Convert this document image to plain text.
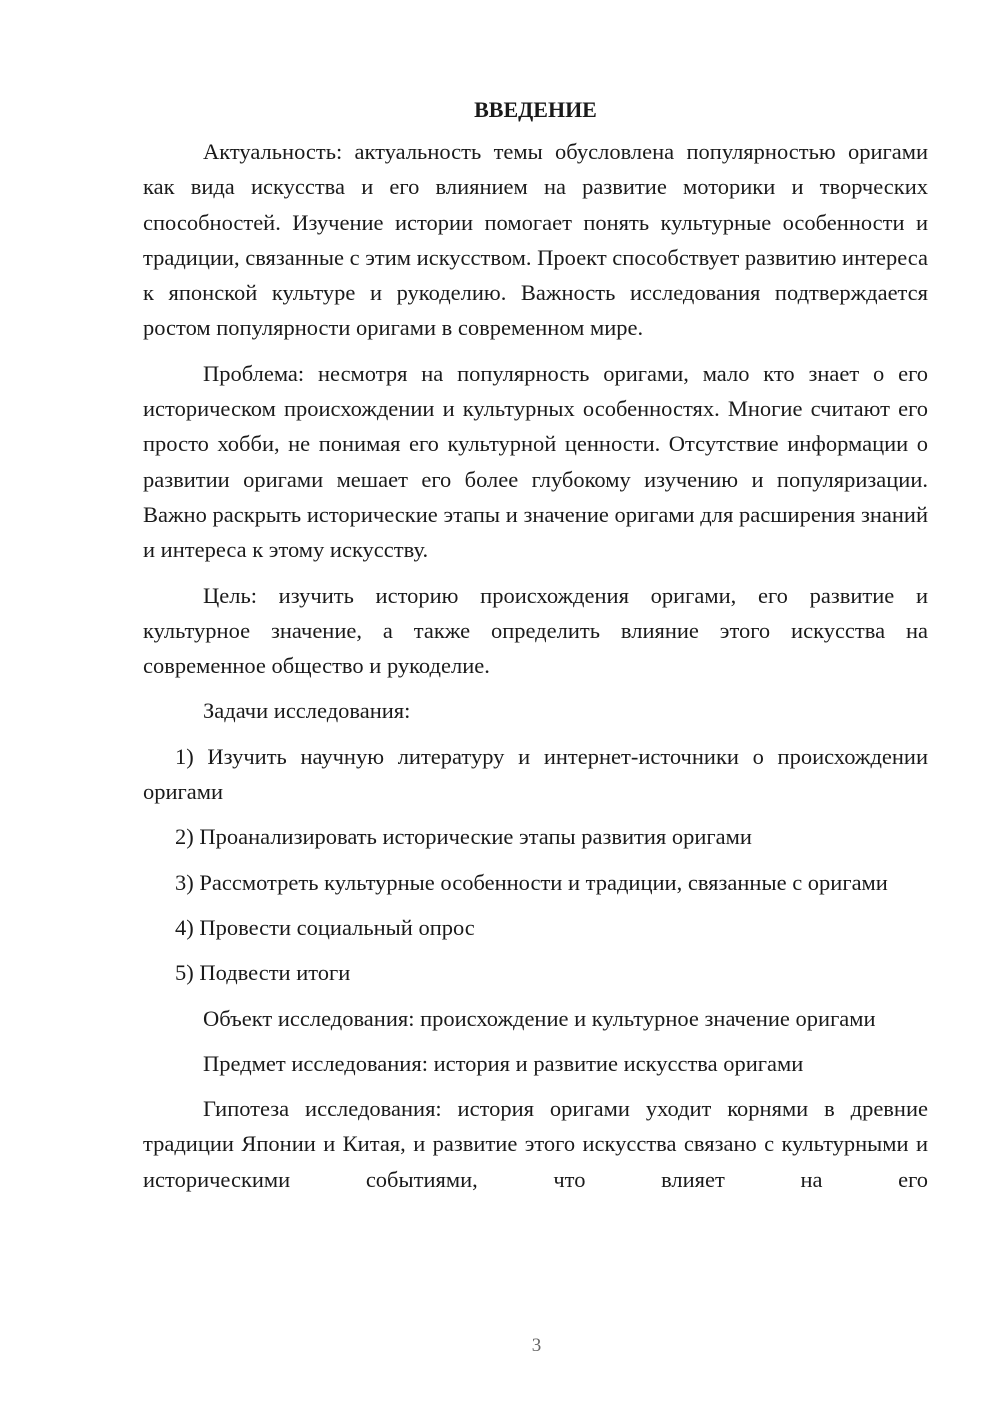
ВВЕДЕНИЕ

Актуальность: актуальность темы обусловлена популярностью оригами как вида искусства и его влиянием на развитие моторики и творческих способностей. Изучение истории помогает понять культурные особенности и традиции, связанные с этим искусством. Проект способствует развитию интереса к японской культуре и рукоделию. Важность исследования подтверждается ростом популярности оригами в современном мире.

Проблема: несмотря на популярность оригами, мало кто знает о его историческом происхождении и культурных особенностях. Многие считают его просто хобби, не понимая его культурной ценности. Отсутствие информации о развитии оригами мешает его более глубокому изучению и популяризации. Важно раскрыть исторические этапы и значение оригами для расширения знаний и интереса к этому искусству.

Цель: изучить историю происхождения оригами, его развитие и культурное значение, а также определить влияние этого искусства на современное общество и рукоделие.

Задачи исследования:

1) Изучить научную литературу и интернет-источники о происхождении оригами

2) Проанализировать исторические этапы развития оригами

3) Рассмотреть культурные особенности и традиции, связанные с оригами

4) Провести социальный опрос

5) Подвести итоги

Объект исследования: происхождение и культурное значение оригами

Предмет исследования: история и развитие искусства оригами

Гипотеза исследования: история оригами уходит корнями в древние традиции Японии и Китая, и развитие этого искусства связано с культурными и историческими событиями, что влияет на его

3
